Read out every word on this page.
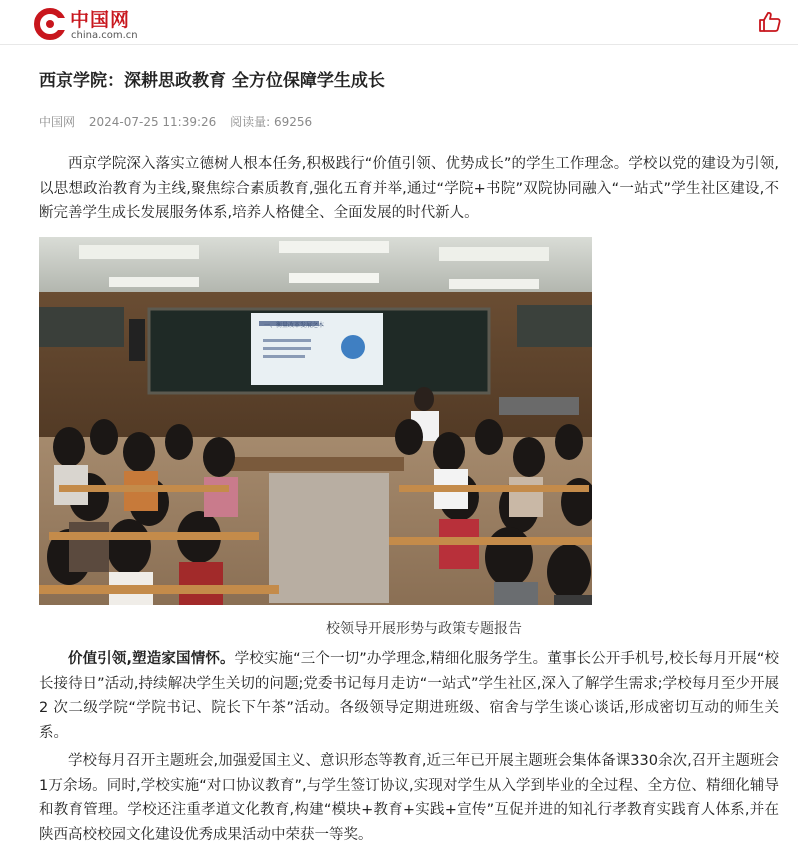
中国网
china.com.cn
西京学院：深耕思政教育 全方位保障学生成长
中国网 2024-07-25 11:39:26 阅读量: 69256

西京学院深入落实立德树人根本任务,积极践行“价值引领、优势成长”的学生工作理念。学校以党的建设为引领,以思想政治教育为主线,聚焦综合素质教育,强化五育并举,通过“学院+书院”双院协同融入“一站式”学生社区建设,不断完善学生成长发展服务体系,培养人格健全、全面发展的时代新人。

一、衡量改革发展之本
校领导开展形势与政策专题报告

价值引领,塑造家国情怀。学校实施“三个一切”办学理念,精细化服务学生。董事长公开手机号,校长每月开展“校长接待日”活动,持续解决学生关切的问题;党委书记每月走访“一站式”学生社区,深入了解学生需求;学校每月至少开展 2 次二级学院“学院书记、院长下午茶”活动。各级领导定期进班级、宿舍与学生谈心谈话,形成密切互动的师生关系。

学校每月召开主题班会,加强爱国主义、意识形态等教育,近三年已开展主题班会集体备课330余次,召开主题班会1万余场。同时,学校实施“对口协议教育”,与学生签订协议,实现对学生从入学到毕业的全过程、全方位、精细化辅导和教育管理。学校还注重孝道文化教育,构建“模块+教育+实践+宣传”互促并进的知礼行孝教育实践育人体系,并在陕西高校校园文化建设优秀成果活动中荣获一等奖。
